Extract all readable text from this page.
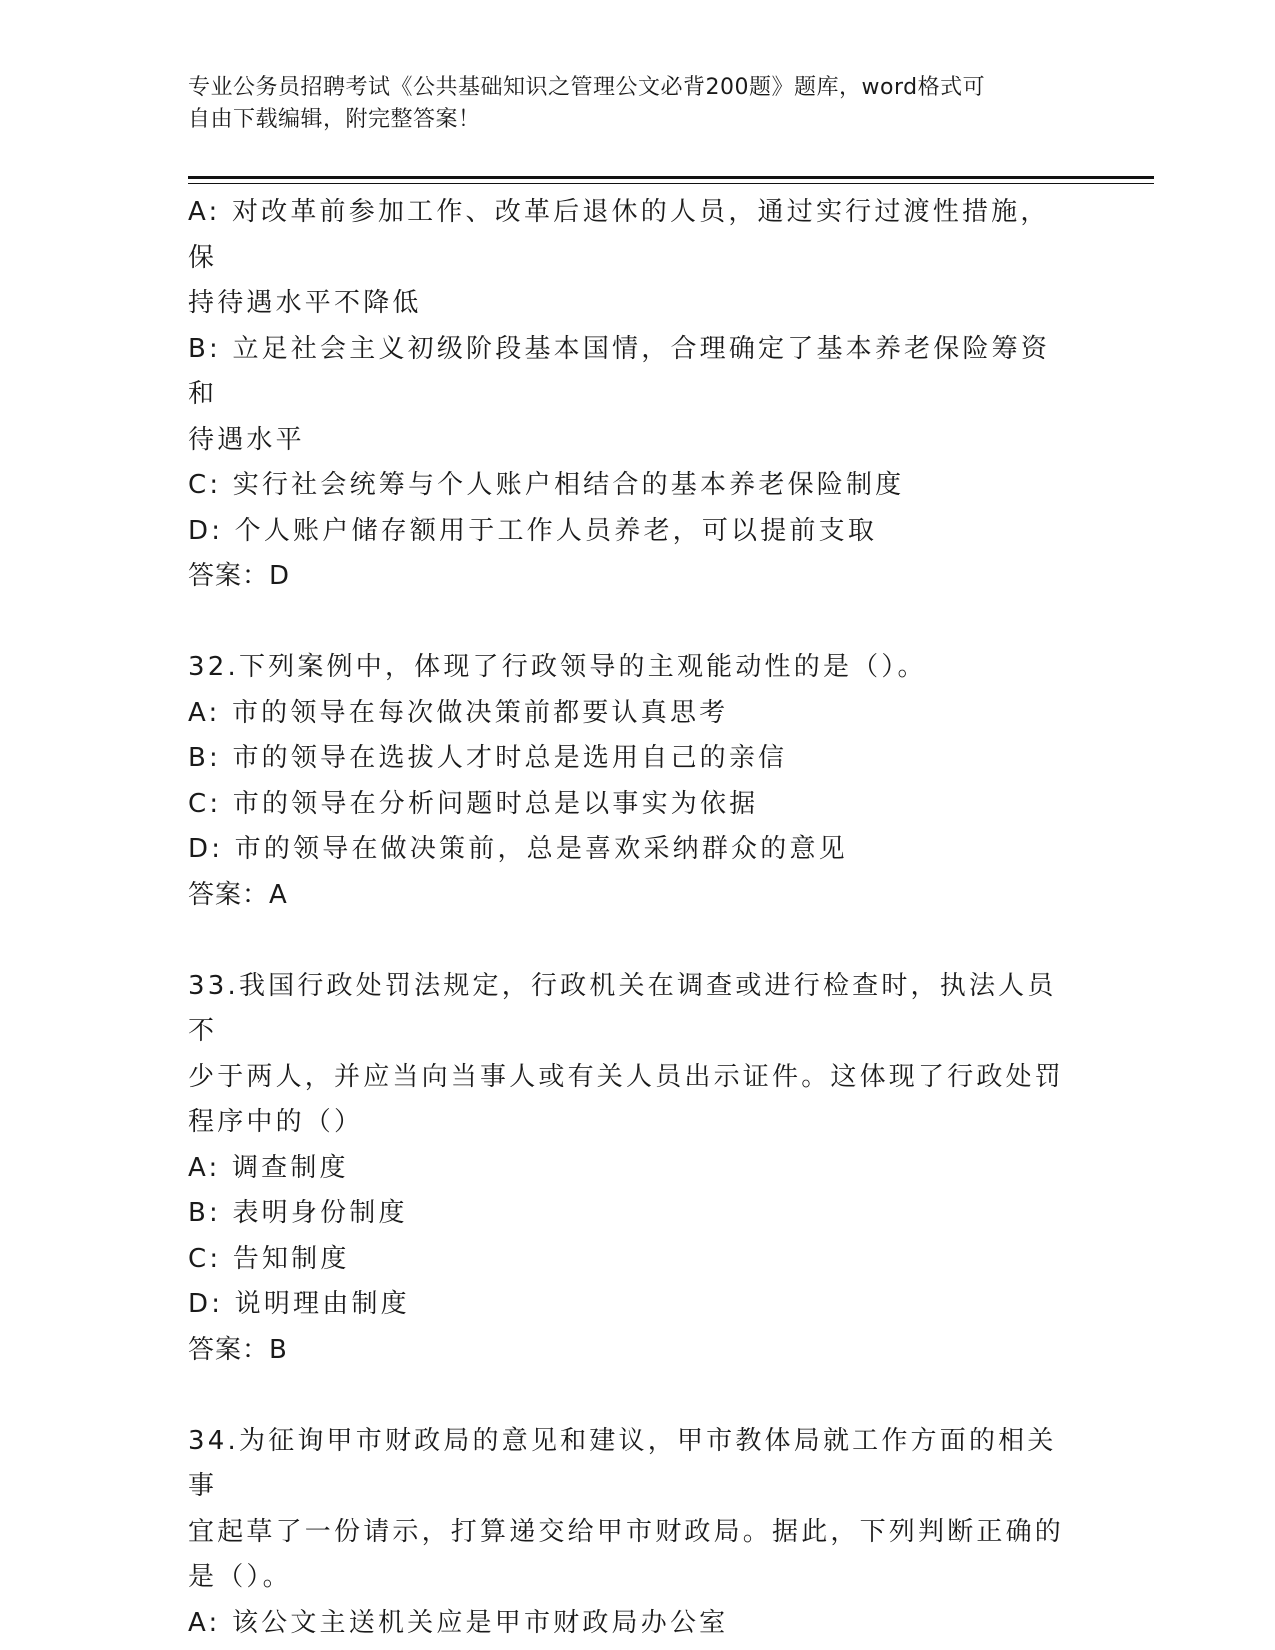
专业公务员招聘考试《公共基础知识之管理公文必背200题》题库，word格式可
自由下载编辑，附完整答案！
A: 对改革前参加工作、改革后退休的人员，通过实行过渡性措施，保
持待遇水平不降低
B: 立足社会主义初级阶段基本国情，合理确定了基本养老保险筹资和
待遇水平
C: 实行社会统筹与个人账户相结合的基本养老保险制度
D: 个人账户储存额用于工作人员养老，可以提前支取
答案：D
32.下列案例中，体现了行政领导的主观能动性的是（）。
A: 市的领导在每次做决策前都要认真思考
B: 市的领导在选拔人才时总是选用自己的亲信
C: 市的领导在分析问题时总是以事实为依据
D: 市的领导在做决策前，总是喜欢采纳群众的意见
答案：A
33.我国行政处罚法规定，行政机关在调查或进行检查时，执法人员不
少于两人，并应当向当事人或有关人员出示证件。这体现了行政处罚
程序中的（）
A: 调查制度
B: 表明身份制度
C: 告知制度
D: 说明理由制度
答案：B
34.为征询甲市财政局的意见和建议，甲市教体局就工作方面的相关事
宜起草了一份请示，打算递交给甲市财政局。据此，下列判断正确的
是（）。
A: 该公文主送机关应是甲市财政局办公室
